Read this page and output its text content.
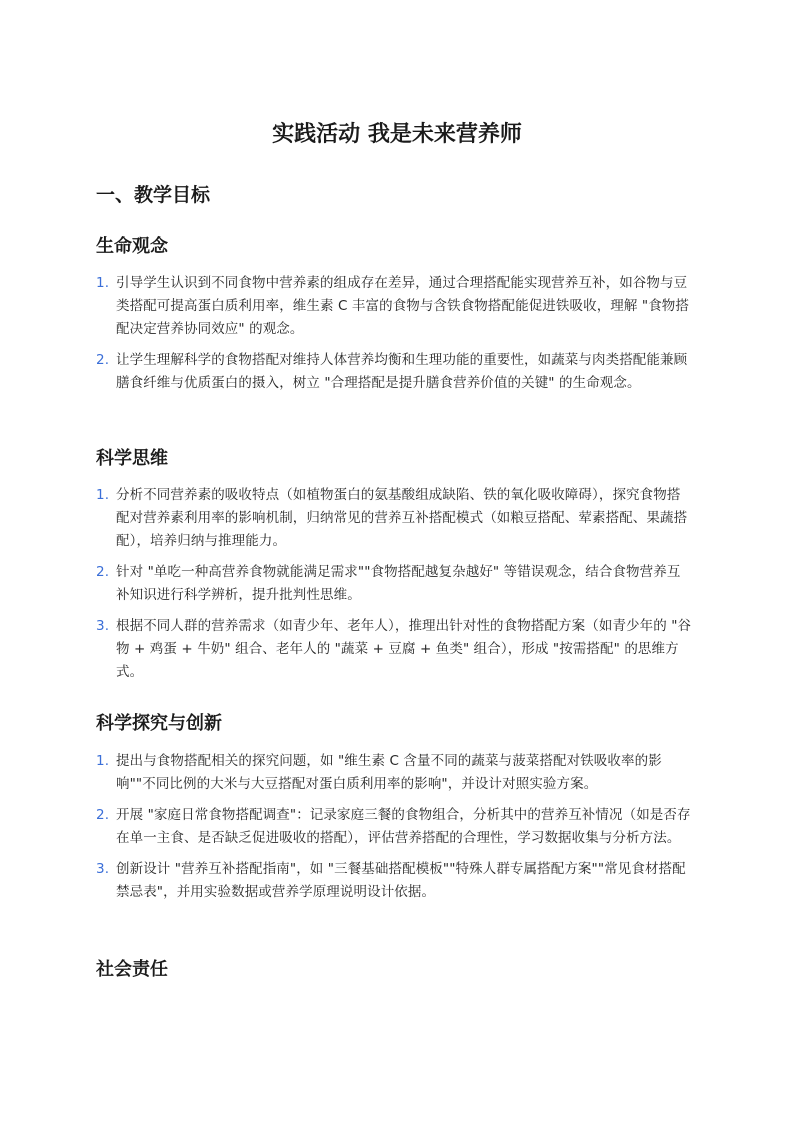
实践活动 我是未来营养师
一、教学目标
生命观念
1. 引导学生认识到不同食物中营养素的组成存在差异，通过合理搭配能实现营养互补，如谷物与豆类搭配可提高蛋白质利用率，维生素 C 丰富的食物与含铁食物搭配能促进铁吸收，理解 "食物搭配决定营养协同效应" 的观念。
2. 让学生理解科学的食物搭配对维持人体营养均衡和生理功能的重要性，如蔬菜与肉类搭配能兼顾膳食纤维与优质蛋白的摄入，树立 "合理搭配是提升膳食营养价值的关键" 的生命观念。
科学思维
1. 分析不同营养素的吸收特点（如植物蛋白的氨基酸组成缺陷、铁的氧化吸收障碍），探究食物搭配对营养素利用率的影响机制，归纳常见的营养互补搭配模式（如粮豆搭配、荤素搭配、果蔬搭配），培养归纳与推理能力。
2. 针对 "单吃一种高营养食物就能满足需求""食物搭配越复杂越好" 等错误观念，结合食物营养互补知识进行科学辨析，提升批判性思维。
3. 根据不同人群的营养需求（如青少年、老年人），推理出针对性的食物搭配方案（如青少年的 "谷物 + 鸡蛋 + 牛奶" 组合、老年人的 "蔬菜 + 豆腐 + 鱼类" 组合），形成 "按需搭配" 的思维方式。
科学探究与创新
1. 提出与食物搭配相关的探究问题，如 "维生素 C 含量不同的蔬菜与菠菜搭配对铁吸收率的影响""不同比例的大米与大豆搭配对蛋白质利用率的影响"，并设计对照实验方案。
2. 开展 "家庭日常食物搭配调查"：记录家庭三餐的食物组合，分析其中的营养互补情况（如是否存在单一主食、是否缺乏促进吸收的搭配），评估营养搭配的合理性，学习数据收集与分析方法。
3. 创新设计 "营养互补搭配指南"，如 "三餐基础搭配模板""特殊人群专属搭配方案""常见食材搭配禁忌表"，并用实验数据或营养学原理说明设计依据。
社会责任
